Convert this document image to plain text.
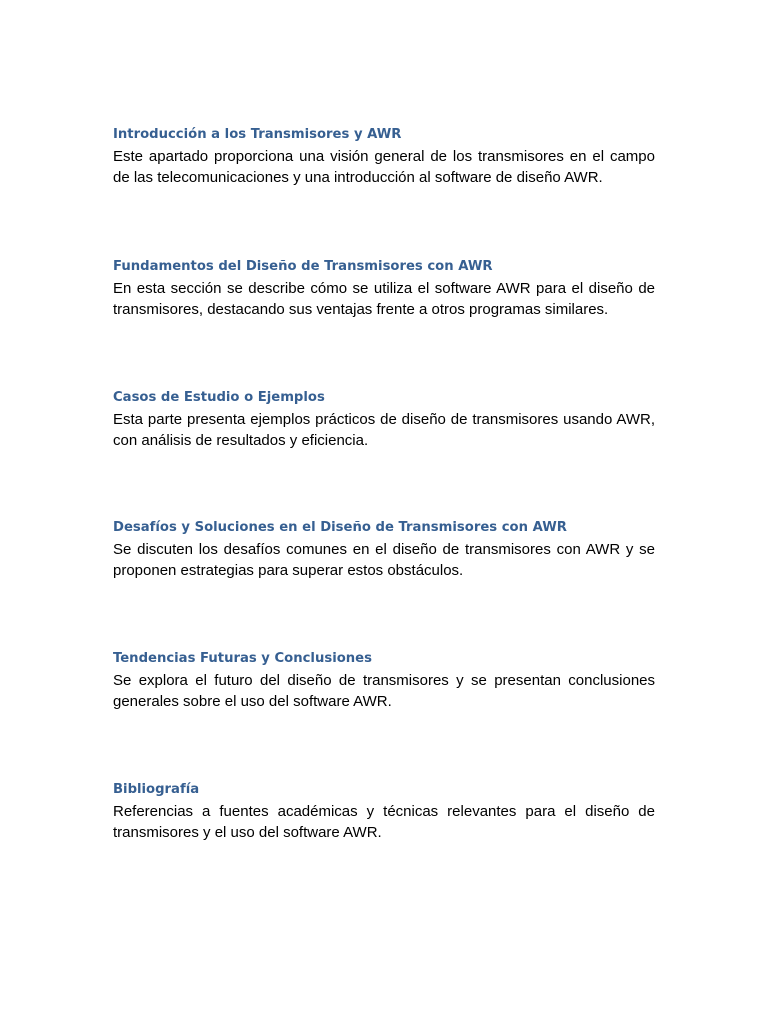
Introducción a los Transmisores y AWR

Este apartado proporciona una visión general de los transmisores en el campo de las telecomunicaciones y una introducción al software de diseño AWR.

Fundamentos del Diseño de Transmisores con AWR

En esta sección se describe cómo se utiliza el software AWR para el diseño de transmisores, destacando sus ventajas frente a otros programas similares.

Casos de Estudio o Ejemplos

Esta parte presenta ejemplos prácticos de diseño de transmisores usando AWR, con análisis de resultados y eficiencia.

Desafíos y Soluciones en el Diseño de Transmisores con AWR

Se discuten los desafíos comunes en el diseño de transmisores con AWR y se proponen estrategias para superar estos obstáculos.

Tendencias Futuras y Conclusiones

Se explora el futuro del diseño de transmisores y se presentan conclusiones generales sobre el uso del software AWR.

Bibliografía

Referencias a fuentes académicas y técnicas relevantes para el diseño de transmisores y el uso del software AWR.
